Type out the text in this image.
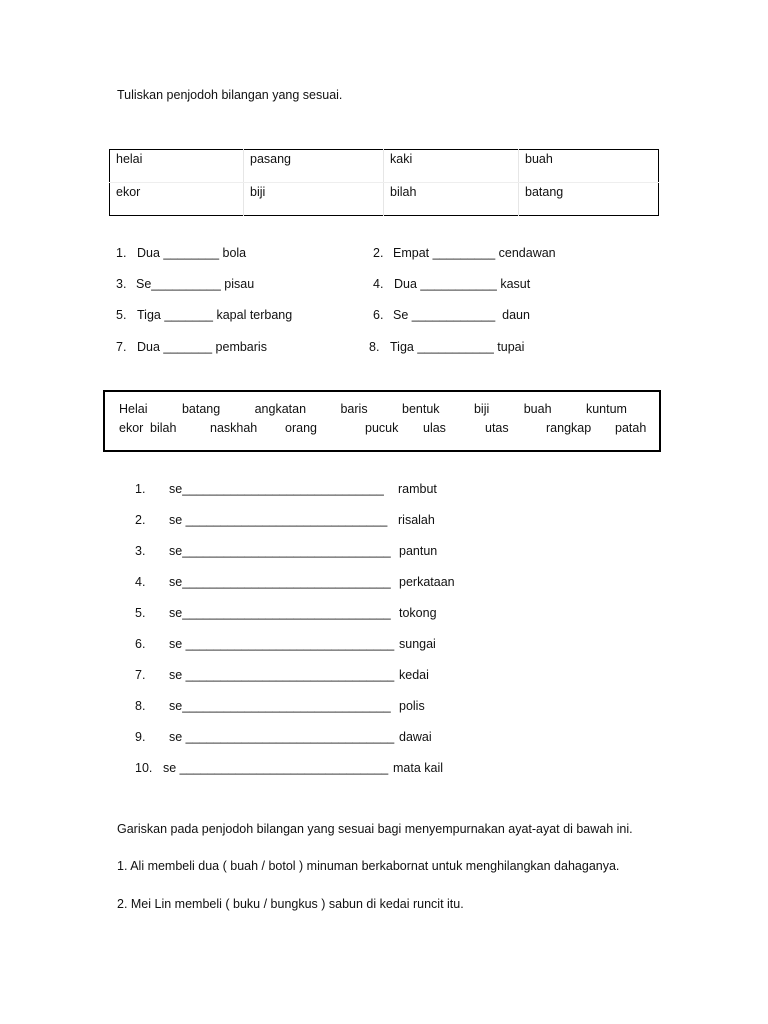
Tuliskan penjodoh bilangan yang sesuai.
helai	pasang	kaki	buah
ekor	biji	bilah	batang
1. Dua ________ bola	2. Empat _________ cendawan
3. Se__________ pisau	4. Dua ___________ kasut
5. Tiga _______ kapal terbang	6. Se ____________  daun
7. Dua _______ pembaris	8. Tiga ___________ tupai
Helai	batang	angkatan	baris	bentuk	biji	buah	kuntum
ekor bilah	naskhah orang	pucuk ulas	utas	rangkap patah
1. se_____________________________ rambut
2. se _____________________________ risalah
3. se______________________________ pantun
4. se______________________________ perkataan
5. se______________________________ tokong
6. se ______________________________ sungai
7. se ______________________________ kedai
8. se______________________________ polis
9. se ______________________________ dawai
10. se ______________________________ mata kail
Gariskan pada penjodoh bilangan yang sesuai bagi menyempurnakan ayat-ayat di bawah ini.
1. Ali membeli dua ( buah / botol ) minuman berkabornat untuk menghilangkan dahaganya.
2. Mei Lin membeli ( buku / bungkus ) sabun di kedai runcit itu.
